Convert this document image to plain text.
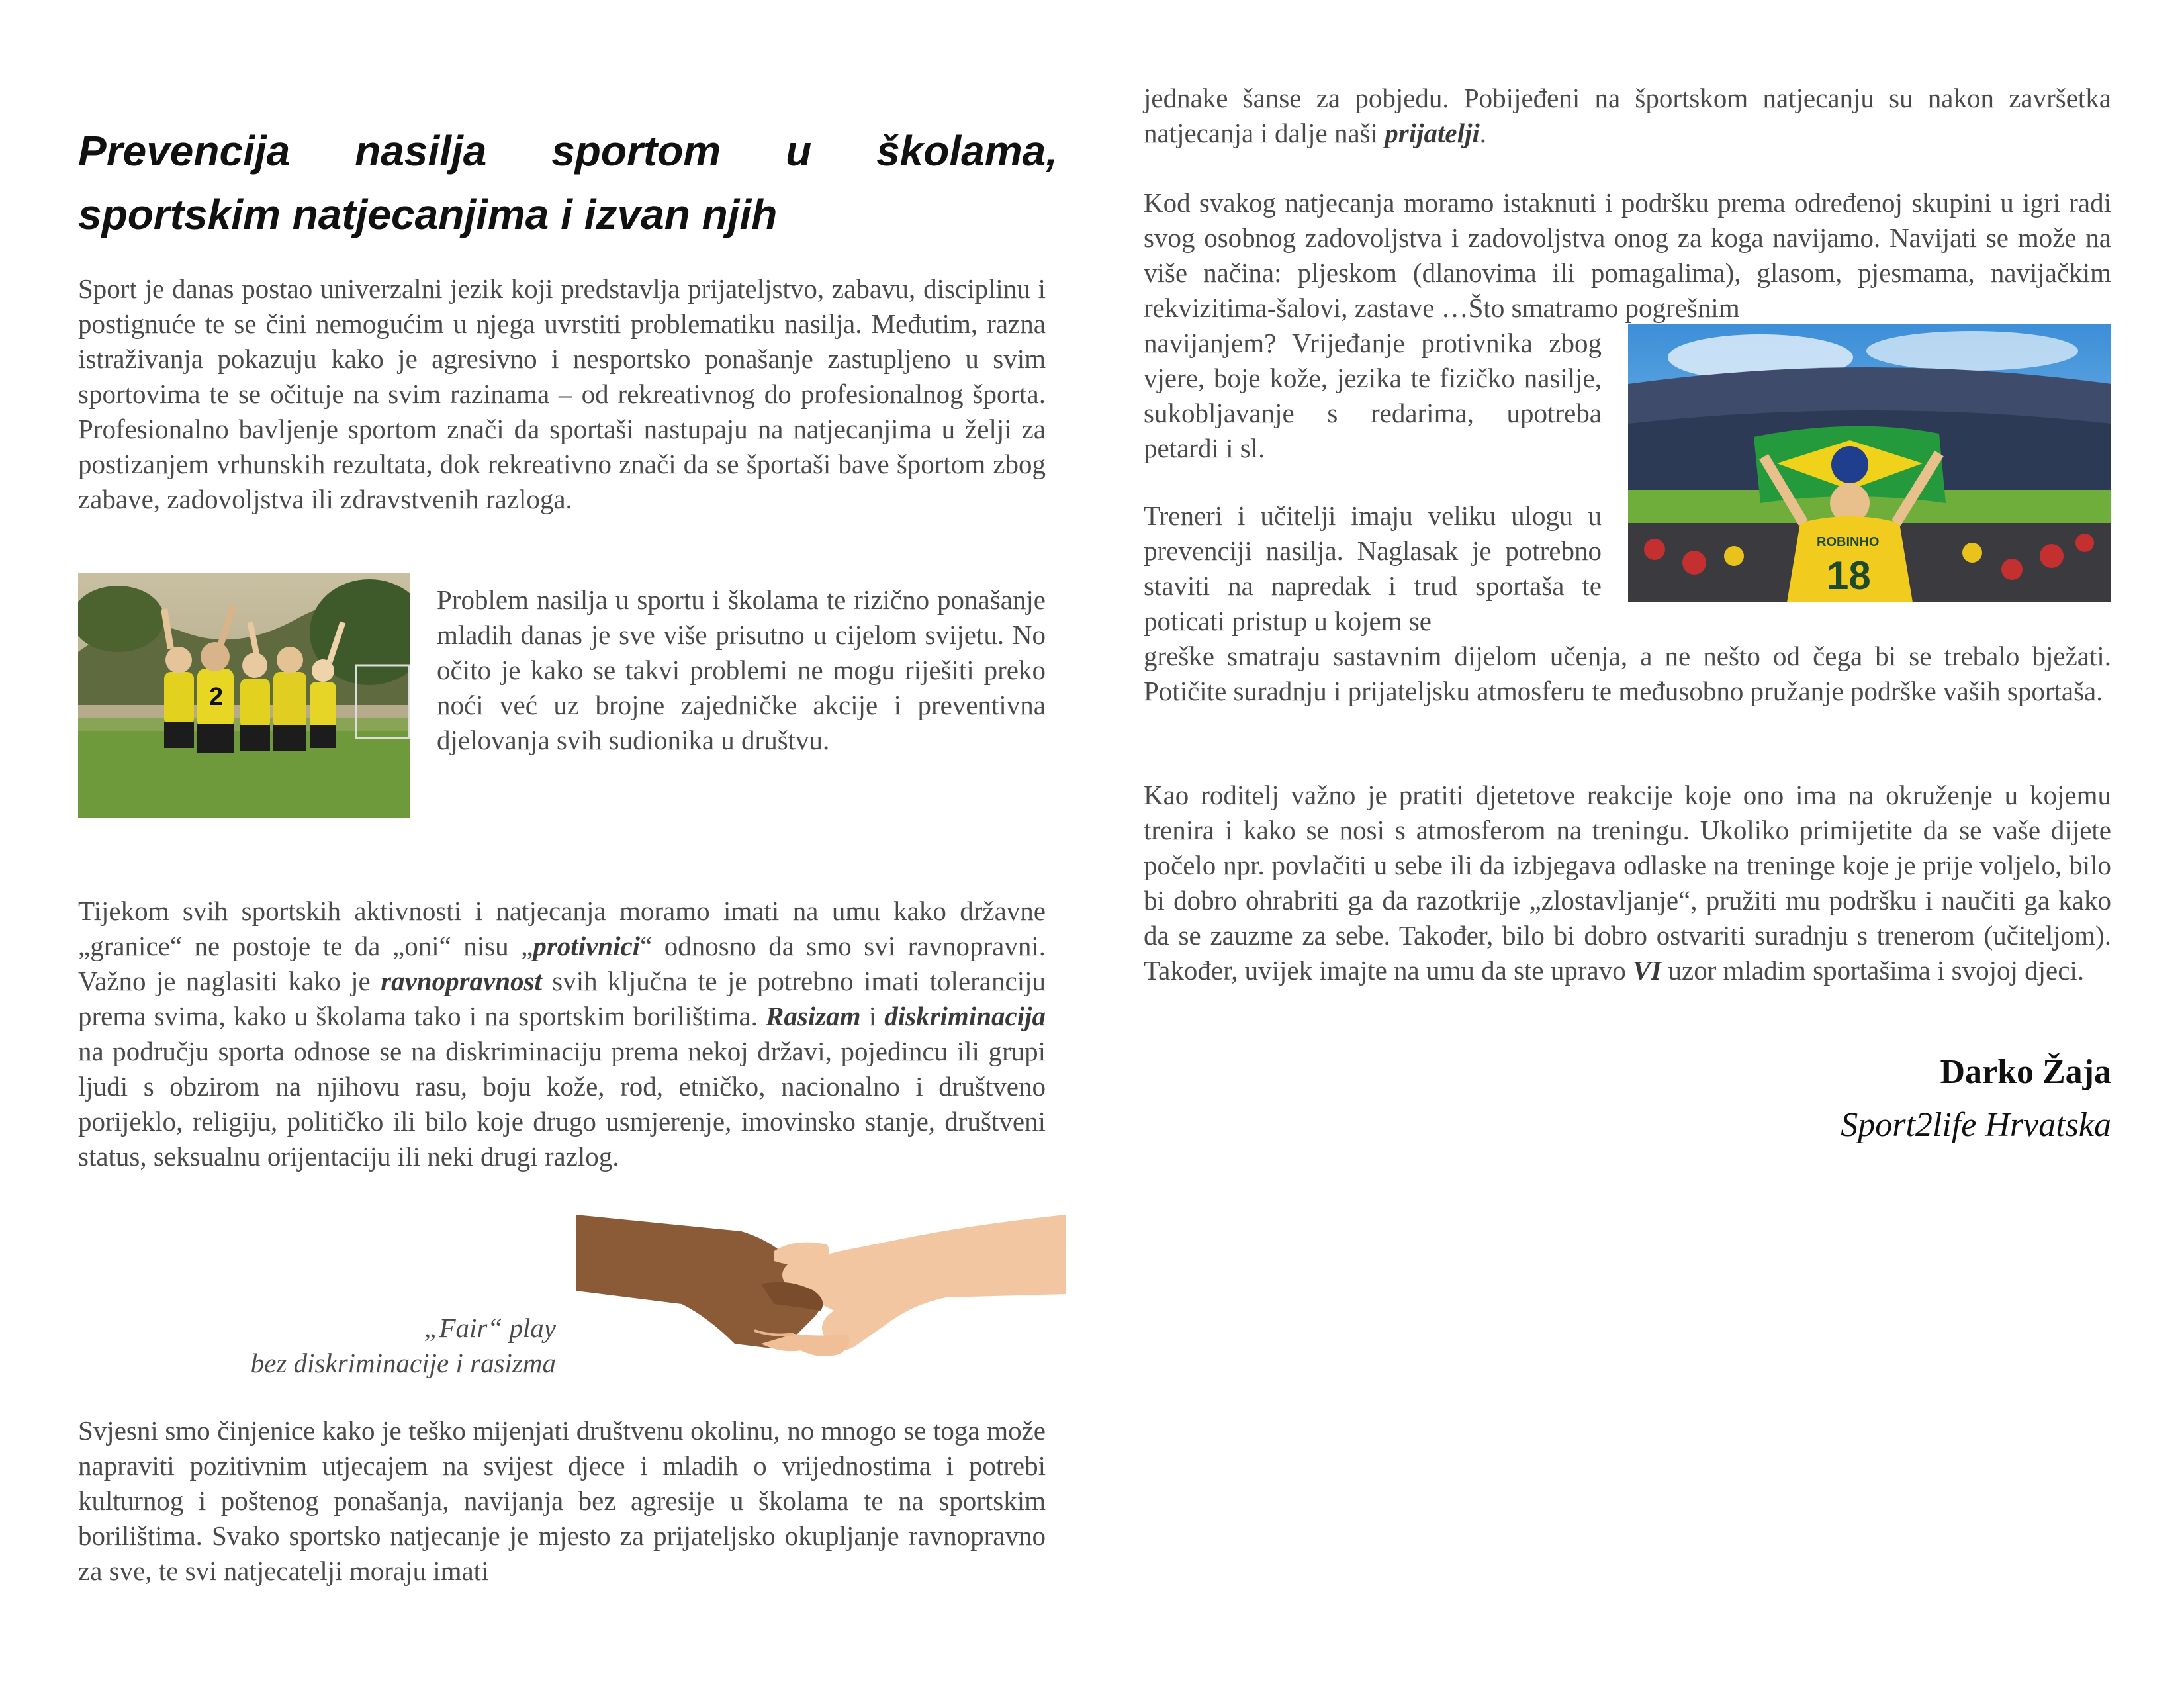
Prevencija nasilja sportom u školama, sportskim natjecanjima i izvan njih

Sport je danas postao univerzalni jezik koji predstavlja prijateljstvo, zabavu, disciplinu i postignuće te se čini nemogućim u njega uvrstiti problematiku nasilja. Međutim, razna istraživanja pokazuju kako je agresivno i nesportsko ponašanje zastupljeno u svim sportovima te se očituje na svim razinama – od rekreativnog do profesionalnog športa. Profesionalno bavljenje sportom znači da sportaši nastupaju na natjecanjima u želji za postizanjem vrhunskih rezultata, dok rekreativno znači da se športaši bave športom zbog zabave, zadovoljstva ili zdravstvenih razloga.

2

Problem nasilja u sportu i školama te rizično ponašanje mladih danas je sve više prisutno u cijelom svijetu. No očito je kako se takvi problemi ne mogu riješiti preko noći već uz brojne zajedničke akcije i preventivna djelovanja svih sudionika u društvu.

Tijekom svih sportskih aktivnosti i natjecanja moramo imati na umu kako državne „granice“ ne postoje te da „oni“ nisu „protivnici“ odnosno da smo svi ravnopravni. Važno je naglasiti kako je ravnopravnost svih ključna te je potrebno imati toleranciju prema svima, kako u školama tako i na sportskim borilištima. Rasizam i diskriminacija na području sporta odnose se na diskriminaciju prema nekoj državi, pojedincu ili grupi ljudi s obzirom na njihovu rasu, boju kože, rod, etničko, nacionalno i društveno porijeklo, religiju, političko ili bilo koje drugo usmjerenje, imovinsko stanje, društveni status, seksualnu orijentaciju ili neki drugi razlog.

„Fair“ play
bez diskriminacije i rasizma

Svjesni smo činjenice kako je teško mijenjati društvenu okolinu, no mnogo se toga može napraviti pozitivnim utjecajem na svijest djece i mladih o vrijednostima i potrebi kulturnog i poštenog ponašanja, navijanja bez agresije u školama te na sportskim borilištima. Svako sportsko natjecanje je mjesto za prijateljsko okupljanje ravnopravno za sve, te svi natjecatelji moraju imati

jednake šanse za pobjedu. Pobijeđeni na športskom natjecanju su nakon završetka natjecanja i dalje naši prijatelji.

Kod svakog natjecanja moramo istaknuti i podršku prema određenoj skupini u igri radi svog osobnog zadovoljstva i zadovoljstva onog za koga navijamo. Navijati se može na više načina: pljeskom (dlanovima ili pomagalima), glasom, pjesmama, navijačkim rekvizitima-šalovi, zastave …Što smatramo pogrešnim

navijanjem? Vrijeđanje protivnika zbog vjere, boje kože, jezika te fizičko nasilje, sukobljavanje s redarima, upotreba petardi i sl.

ROBINHO
18

Treneri i učitelji imaju veliku ulogu u prevenciji nasilja. Naglasak je potrebno staviti na napredak i trud sportaša te poticati pristup u kojem se

greške smatraju sastavnim dijelom učenja, a ne nešto od čega bi se trebalo bježati. Potičite suradnju i prijateljsku atmosferu te međusobno pružanje podrške vaših sportaša.

Kao roditelj važno je pratiti djetetove reakcije koje ono ima na okruženje u kojemu trenira i kako se nosi s atmosferom na treningu. Ukoliko primijetite da se vaše dijete počelo npr. povlačiti u sebe ili da izbjegava odlaske na treninge koje je prije voljelo, bilo bi dobro ohrabriti ga da razotkrije „zlostavljanje“, pružiti mu podršku i naučiti ga kako da se zauzme za sebe. Također, bilo bi dobro ostvariti suradnju s trenerom (učiteljom). Također, uvijek imajte na umu da ste upravo VI uzor mladim sportašima i svojoj djeci.

Darko Žaja
Sport2life Hrvatska
